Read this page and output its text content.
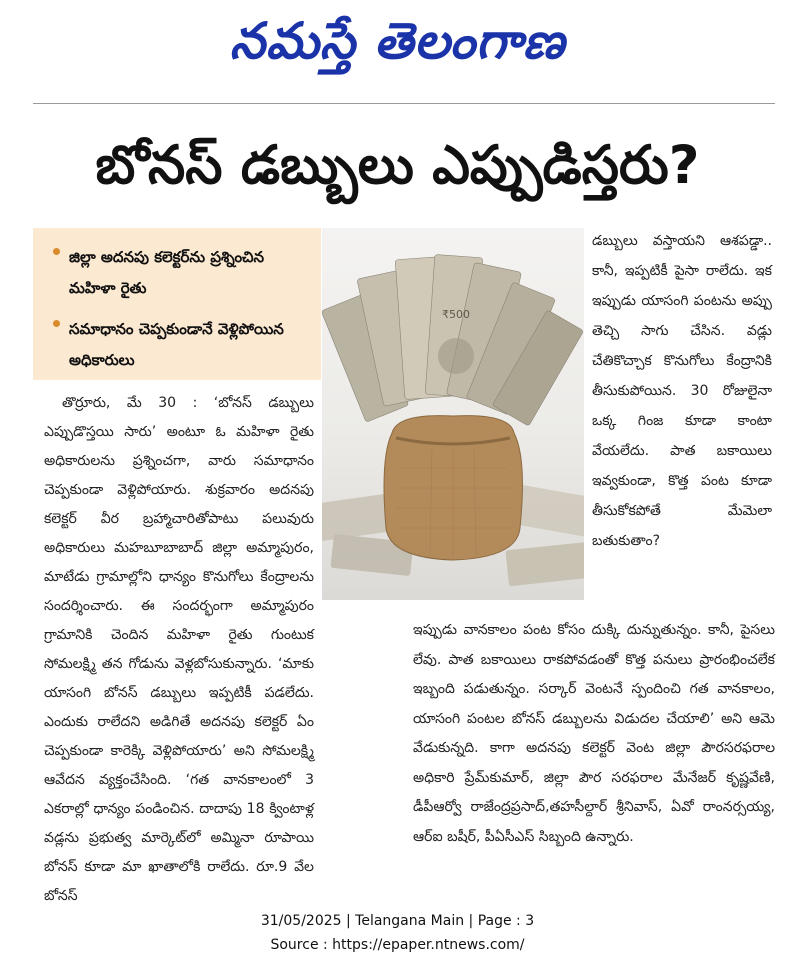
నమస్తే తెలంగాణ
బోనస్ డబ్బులు ఎప్పుడిస్తరు?
జిల్లా అదనపు కలెక్టర్‌ను ప్రశ్నించిన మహిళా రైతు
సమాధానం చెప్పకుండానే వెళ్లిపోయిన అధికారులు
₹500
తొర్రూరు, మే 30 : ‘బోనస్ డబ్బులు ఎప్పుడొస్తయి సారు’ అంటూ ఓ మహిళా రైతు అధికారులను ప్రశ్నించగా, వారు సమాధానం చెప్పకుండా వెళ్లిపోయారు. శుక్రవారం అదనపు కలెక్టర్ వీర బ్రహ్మాచారితోపాటు పలువురు అధికారులు మహబూబాబాద్ జిల్లా అమ్మాపురం, మాటేడు గ్రామాల్లోని ధాన్యం కొనుగోలు కేంద్రాలను సందర్శించారు. ఈ సందర్భంగా అమ్మాపురం గ్రామానికి చెందిన మహిళా రైతు గుంటుక సోమలక్ష్మి తన గోడును వెళ్లబోసుకున్నారు. ‘మాకు యాసంగి బోనస్ డబ్బులు ఇప్పటికీ పడలేదు. ఎందుకు రాలేదని అడిగితే అదనపు కలెక్టర్ ఏం చెప్పకుండా కారెక్కి వెళ్లిపోయారు’ అని సోమలక్ష్మి ఆవేదన వ్యక్తంచేసింది. ‘గత వానకాలంలో 3 ఎకరాల్లో ధాన్యం పండించిన. దాదాపు 18 క్వింటాళ్ల వడ్లను ప్రభుత్వ మార్కెట్‌లో అమ్మినా రూపాయి బోనస్ కూడా మా ఖాతాలోకి రాలేదు. రూ.9 వేల బోనస్
డబ్బులు వస్తాయని ఆశపడ్డా.. కానీ, ఇప్పటికీ పైసా రాలేదు. ఇక ఇప్పుడు యాసంగి పంటను అప్పు తెచ్చి సాగు చేసిన. వడ్లు చేతికొచ్చాక కొనుగోలు కేంద్రానికి తీసుకుపోయిన. 30 రోజులైనా ఒక్క గింజ కూడా కాంటా వేయలేదు. పాత బకాయిలు ఇవ్వకుండా, కొత్త పంట కూడా తీసుకోకపోతే మేమెలా బతుకుతాం?
ఇప్పుడు వానకాలం పంట కోసం దుక్కి దున్నుతున్నం. కానీ, పైసలు లేవు. పాత బకాయిలు రాకపోవడంతో కొత్త పనులు ప్రారంభించలేక ఇబ్బంది పడుతున్నం. సర్కార్ వెంటనే స్పందించి గత వానకాలం, యాసంగి పంటల బోనస్ డబ్బులను విడుదల చేయాలి’ అని ఆమె వేడుకున్నది. కాగా అదనపు కలెక్టర్ వెంట జిల్లా పౌరసరఫరాల అధికారి ప్రేమ్‌కుమార్, జిల్లా పౌర సరఫరాల మేనేజర్ కృష్ణవేణి, డీపీఆర్వో రాజేంద్రప్రసాద్,తహసీల్దార్ శ్రీనివాస్, ఏవో రాంనర్సయ్య, ఆర్ఐ బషీర్, పీఏసీఎస్ సిబ్బంది ఉన్నారు.
31/05/2025 | Telangana Main | Page : 3
Source : https://epaper.ntnews.com/
